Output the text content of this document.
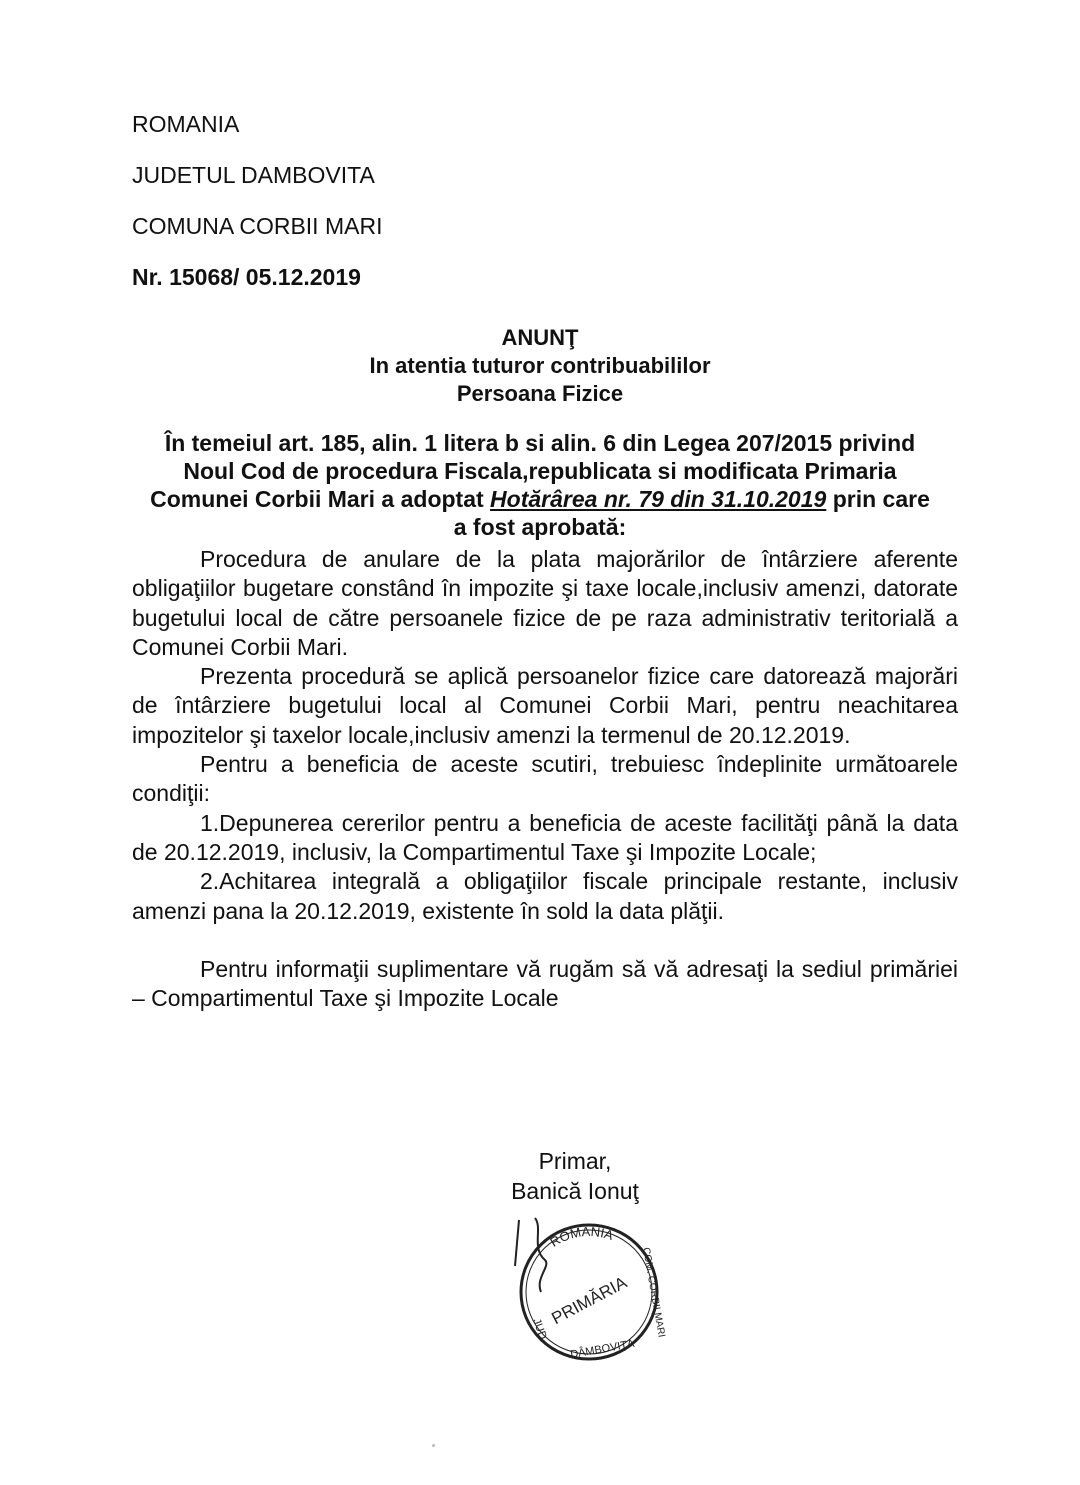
ROMANIA
JUDETUL DAMBOVITA
COMUNA CORBII MARI
Nr. 15068/ 05.12.2019
ANUNŢ
In atentia tuturor contribuabililor
Persoana Fizice
În temeiul art. 185, alin. 1 litera b si alin. 6 din Legea 207/2015 privind Noul Cod de procedura Fiscala,republicata si modificata Primaria Comunei Corbii Mari a adoptat Hotărârea nr. 79 din 31.10.2019 prin care a fost aprobată:

Procedura de anulare de la plata majorărilor de întârziere aferente obligaţiilor bugetare constând în impozite şi taxe locale,inclusiv amenzi, datorate bugetului local de către persoanele fizice de pe raza administrativ teritorială a Comunei Corbii Mari.

Prezenta procedură se aplică persoanelor fizice care datorează majorări de întârziere bugetului local al Comunei Corbii Mari, pentru neachitarea impozitelor şi taxelor locale,inclusiv amenzi la termenul de 20.12.2019.

Pentru a beneficia de aceste scutiri, trebuiesc îndeplinite următoarele condiţii:

1.Depunerea cererilor pentru a beneficia de aceste facilităţi până la data de 20.12.2019, inclusiv, la Compartimentul Taxe şi Impozite Locale;

2.Achitarea integrală a obligaţiilor fiscale principale restante, inclusiv amenzi pana la 20.12.2019, existente în sold la data plăţii.

Pentru informaţii suplimentare vă rugăm să vă adresaţi la sediul primăriei – Compartimentul Taxe şi Impozite Locale

Primar,
Banică Ionuţ
ROMÂNIA
PRIMĂRIA
JUD.
DÂMBOVIŢA
COM. CORBII MARI
